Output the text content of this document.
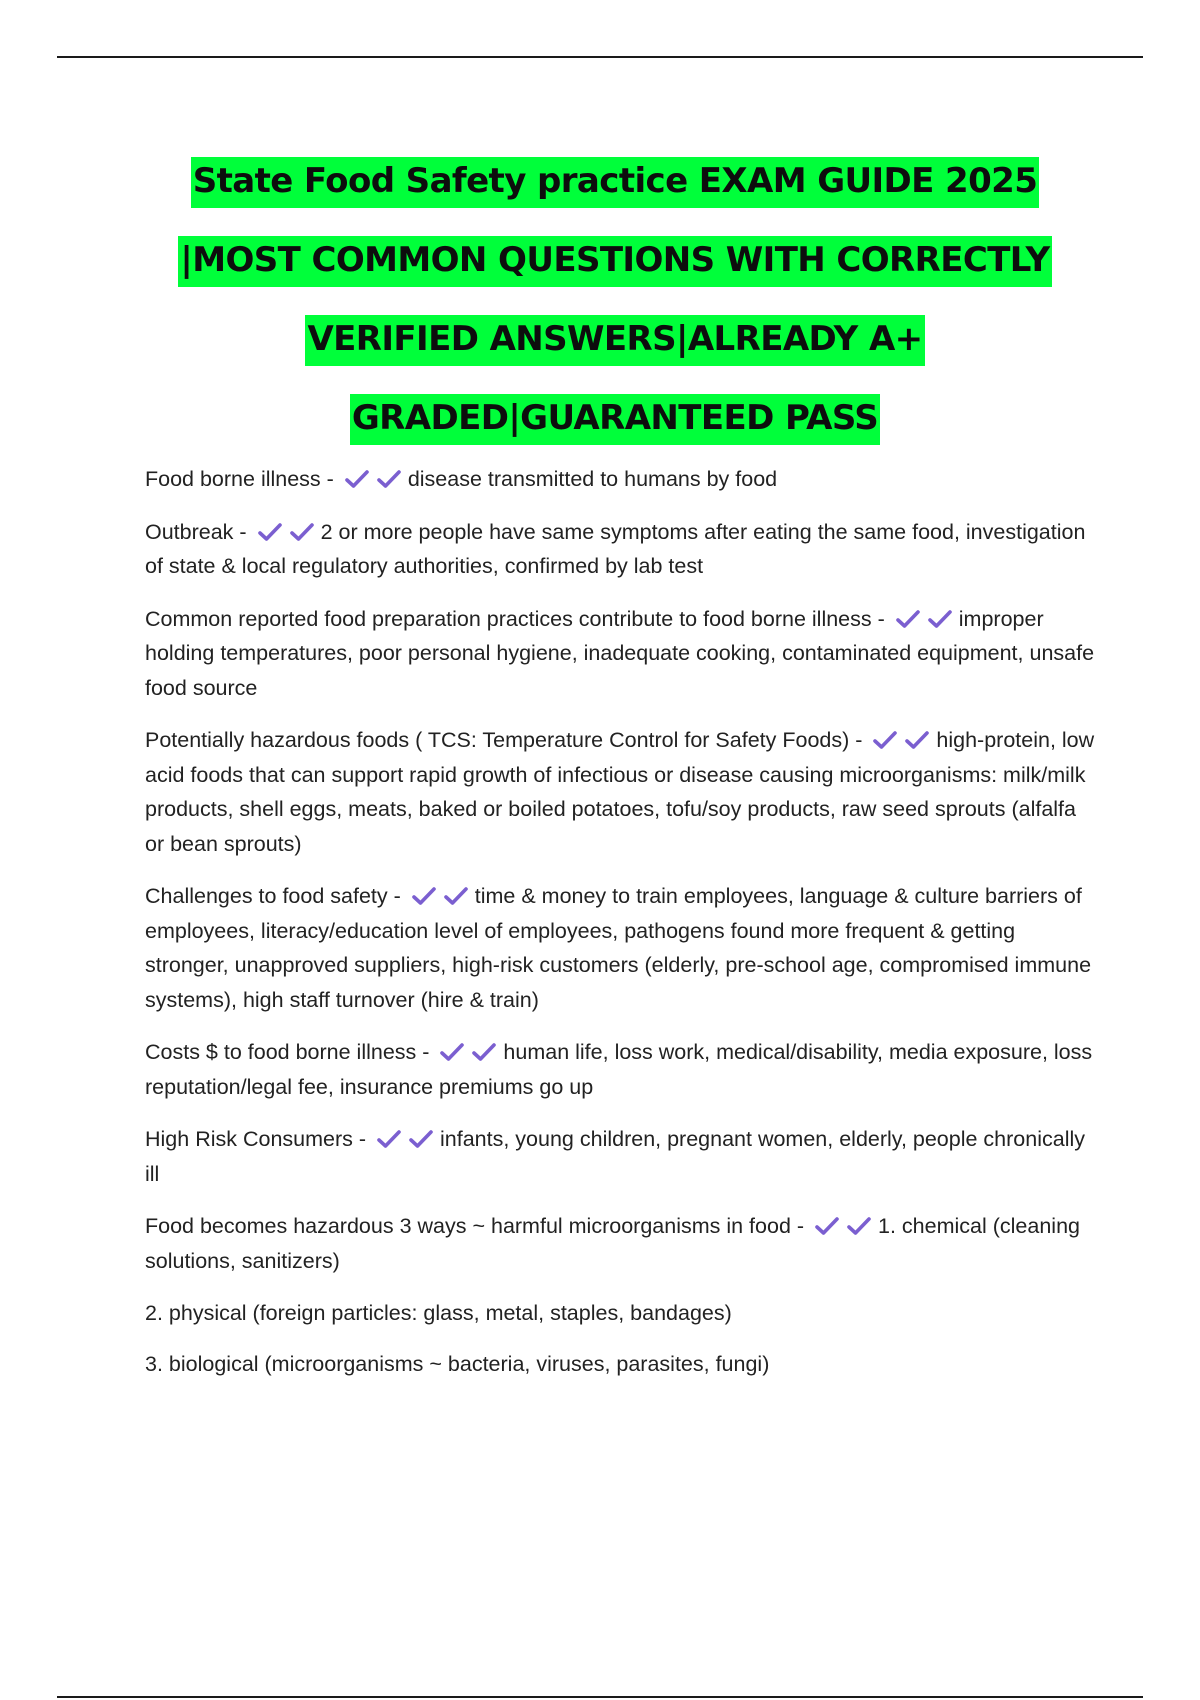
State Food Safety practice EXAM GUIDE 2025
|MOST COMMON QUESTIONS WITH CORRECTLY
VERIFIED ANSWERS|ALREADY A+
GRADED|GUARANTEED PASS
Food borne illness -	disease transmitted to humans by food
Outbreak -	2 or more people have same symptoms after eating the same food, investigation of state & local regulatory authorities, confirmed by lab test
Common reported food preparation practices contribute to food borne illness -	improper holding temperatures, poor personal hygiene, inadequate cooking, contaminated equipment, unsafe food source
Potentially hazardous foods ( TCS: Temperature Control for Safety Foods) -	high-protein, low acid foods that can support rapid growth of infectious or disease causing microorganisms: milk/milk products, shell eggs, meats, baked or boiled potatoes, tofu/soy products, raw seed sprouts (alfalfa or bean sprouts)
Challenges to food safety -	time & money to train employees, language & culture barriers of employees, literacy/education level of employees, pathogens found more frequent & getting stronger, unapproved suppliers, high-risk customers (elderly, pre-school age, compromised immune systems), high staff turnover (hire & train)
Costs $ to food borne illness -	human life, loss work, medical/disability, media exposure, loss reputation/legal fee, insurance premiums go up
High Risk Consumers -	infants, young children, pregnant women, elderly, people chronically ill
Food becomes hazardous 3 ways ~ harmful microorganisms in food -	1. chemical (cleaning solutions, sanitizers)
2. physical (foreign particles: glass, metal, staples, bandages)
3. biological (microorganisms ~ bacteria, viruses, parasites, fungi)
